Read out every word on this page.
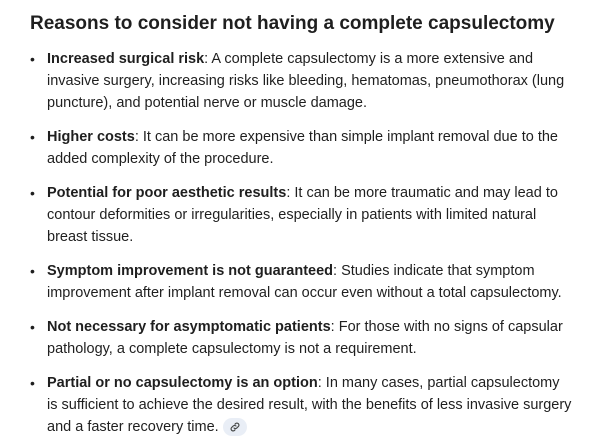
Reasons to consider not having a complete capsulectomy
• Increased surgical risk: A complete capsulectomy is a more extensive and invasive surgery, increasing risks like bleeding, hematomas, pneumothorax (lung puncture), and potential nerve or muscle damage.
• Higher costs: It can be more expensive than simple implant removal due to the added complexity of the procedure.
• Potential for poor aesthetic results: It can be more traumatic and may lead to contour deformities or irregularities, especially in patients with limited natural breast tissue.
• Symptom improvement is not guaranteed: Studies indicate that symptom improvement after implant removal can occur even without a total capsulectomy.
• Not necessary for asymptomatic patients: For those with no signs of capsular pathology, a complete capsulectomy is not a requirement.
• Partial or no capsulectomy is an option: In many cases, partial capsulectomy is sufficient to achieve the desired result, with the benefits of less invasive surgery and a faster recovery time.
